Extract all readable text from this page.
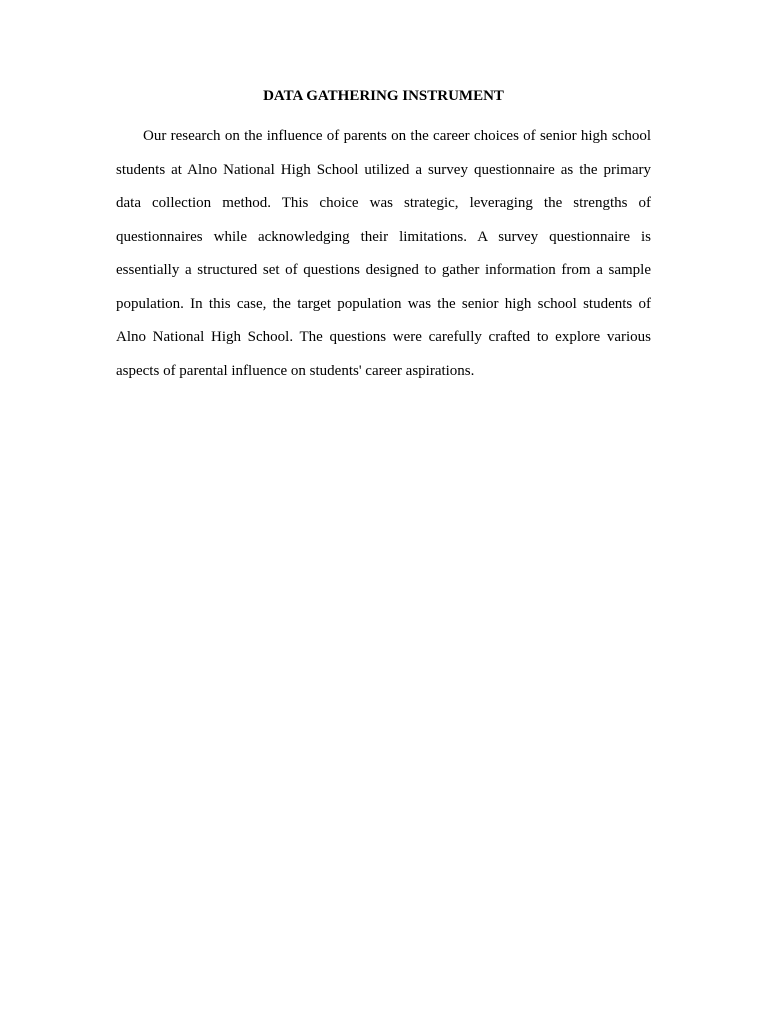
DATA GATHERING INSTRUMENT

Our research on the influence of parents on the career choices of senior high school students at Alno National High School utilized a survey questionnaire as the primary data collection method. This choice was strategic, leveraging the strengths of questionnaires while acknowledging their limitations. A survey questionnaire is essentially a structured set of questions designed to gather information from a sample population. In this case, the target population was the senior high school students of Alno National High School. The questions were carefully crafted to explore various aspects of parental influence on students' career aspirations.
